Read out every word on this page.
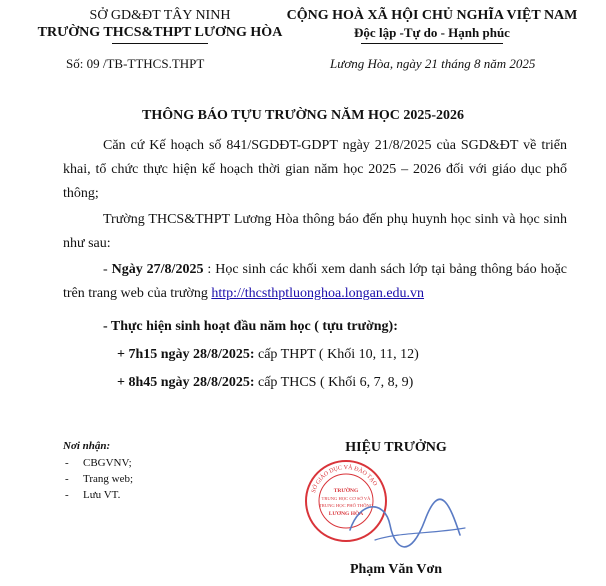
SỞ GD&ĐT TÂY NINH
TRƯỜNG THCS&THPT LƯƠNG HÒA
CỘNG HOÀ XÃ HỘI CHỦ NGHĨA VIỆT NAM
Độc lập -Tự do - Hạnh phúc
Số: 09 /TB-TTHCS.THPT	Lương Hòa, ngày 21 tháng 8 năm 2025
THÔNG BÁO TỰU TRƯỜNG NĂM HỌC 2025-2026
Căn cứ Kế hoạch số 841/SGDĐT-GDPT ngày 21/8/2025 của SGD&ĐT về triển khai, tổ chức thực hiện kế hoạch thời gian năm học 2025 – 2026 đối với giáo dục phổ thông;
Trường THCS&THPT Lương Hòa thông báo đến phụ huynh học sinh và học sinh như sau:
- Ngày 27/8/2025 : Học sinh các khối xem danh sách lớp tại bảng thông báo hoặc trên trang web của trường http://thcsthptluonghoa.longan.edu.vn
- Thực hiện sinh hoạt đầu năm học ( tựu trường):
+ 7h15 ngày 28/8/2025: cấp THPT ( Khối 10, 11, 12)
+ 8h45 ngày 28/8/2025: cấp THCS ( Khối 6, 7, 8, 9)
Nơi nhận:
-	CBGVNV;
-	Trang web;
-	Lưu VT.
HIỆU TRƯỞNG
SỞ GIÁO DỤC VÀ ĐÀO TẠO
TRƯỜNG
TRUNG HỌC CƠ SỞ VÀ
TRUNG HỌC PHỔ THÔNG
LƯƠNG HÒA
Phạm Văn Vơn
